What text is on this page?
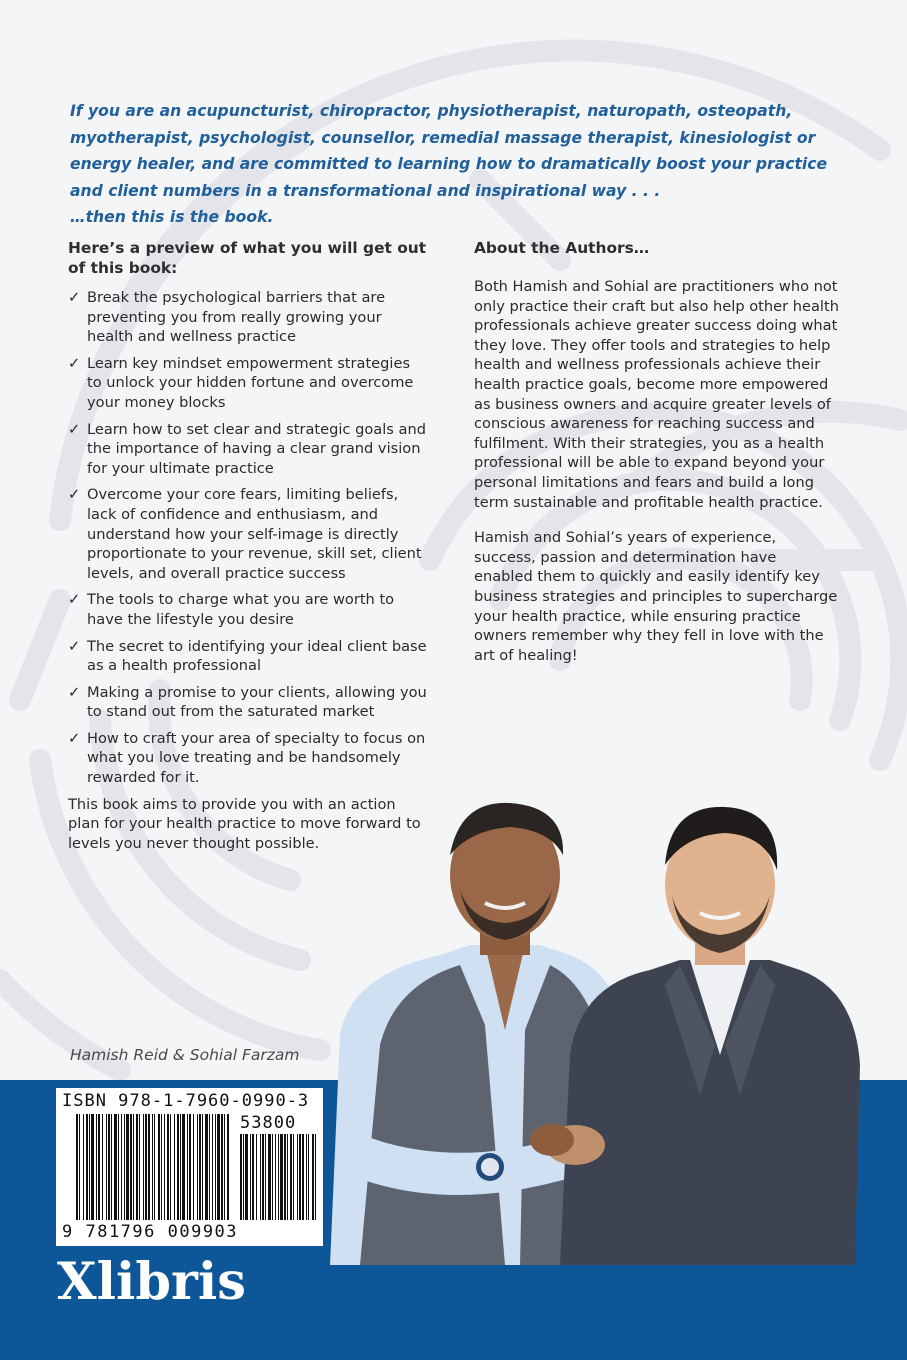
If you are an acupuncturist, chiropractor, physiotherapist, naturopath, osteopath, myotherapist, psychologist, counsellor, remedial massage therapist, kinesiologist or energy healer, and are committed to learning how to dramatically boost your practice and client numbers in a transformational and inspirational way . . .

…then this is the book.

Here’s a preview of what you will get out of this book:

✓ Break the psychological barriers that are preventing you from really growing your health and wellness practice
✓ Learn key mindset empowerment strategies to unlock your hidden fortune and overcome your money blocks
✓ Learn how to set clear and strategic goals and the importance of having a clear grand vision for your ultimate practice
✓ Overcome your core fears, limiting beliefs, lack of confidence and enthusiasm, and understand how your self-image is directly proportionate to your revenue, skill set, client levels, and overall practice success
✓ The tools to charge what you are worth to have the lifestyle you desire
✓ The secret to identifying your ideal client base as a health professional
✓ Making a promise to your clients, allowing you to stand out from the saturated market
✓ How to craft your area of specialty to focus on what you love treating and be handsomely rewarded for it.

This book aims to provide you with an action plan for your health practice to move forward to levels you never thought possible.

About the Authors…

Both Hamish and Sohial are practitioners who not only practice their craft but also help other health professionals achieve greater success doing what they love. They offer tools and strategies to help health and wellness professionals achieve their health practice goals, become more empowered as business owners and acquire greater levels of conscious awareness for reaching success and fulfilment. With their strategies, you as a health professional will be able to expand beyond your personal limitations and fears and build a long term sustainable and profitable health practice.

Hamish and Sohial’s years of experience, success, passion and determination have enabled them to quickly and easily identify key business strategies and principles to supercharge your health practice, while ensuring practice owners remember why they fell in love with the art of healing!

Hamish Reid & Sohial Farzam
ISBN 978-1-7960-0990-3
53800
9 781796 009903
Xlibris
